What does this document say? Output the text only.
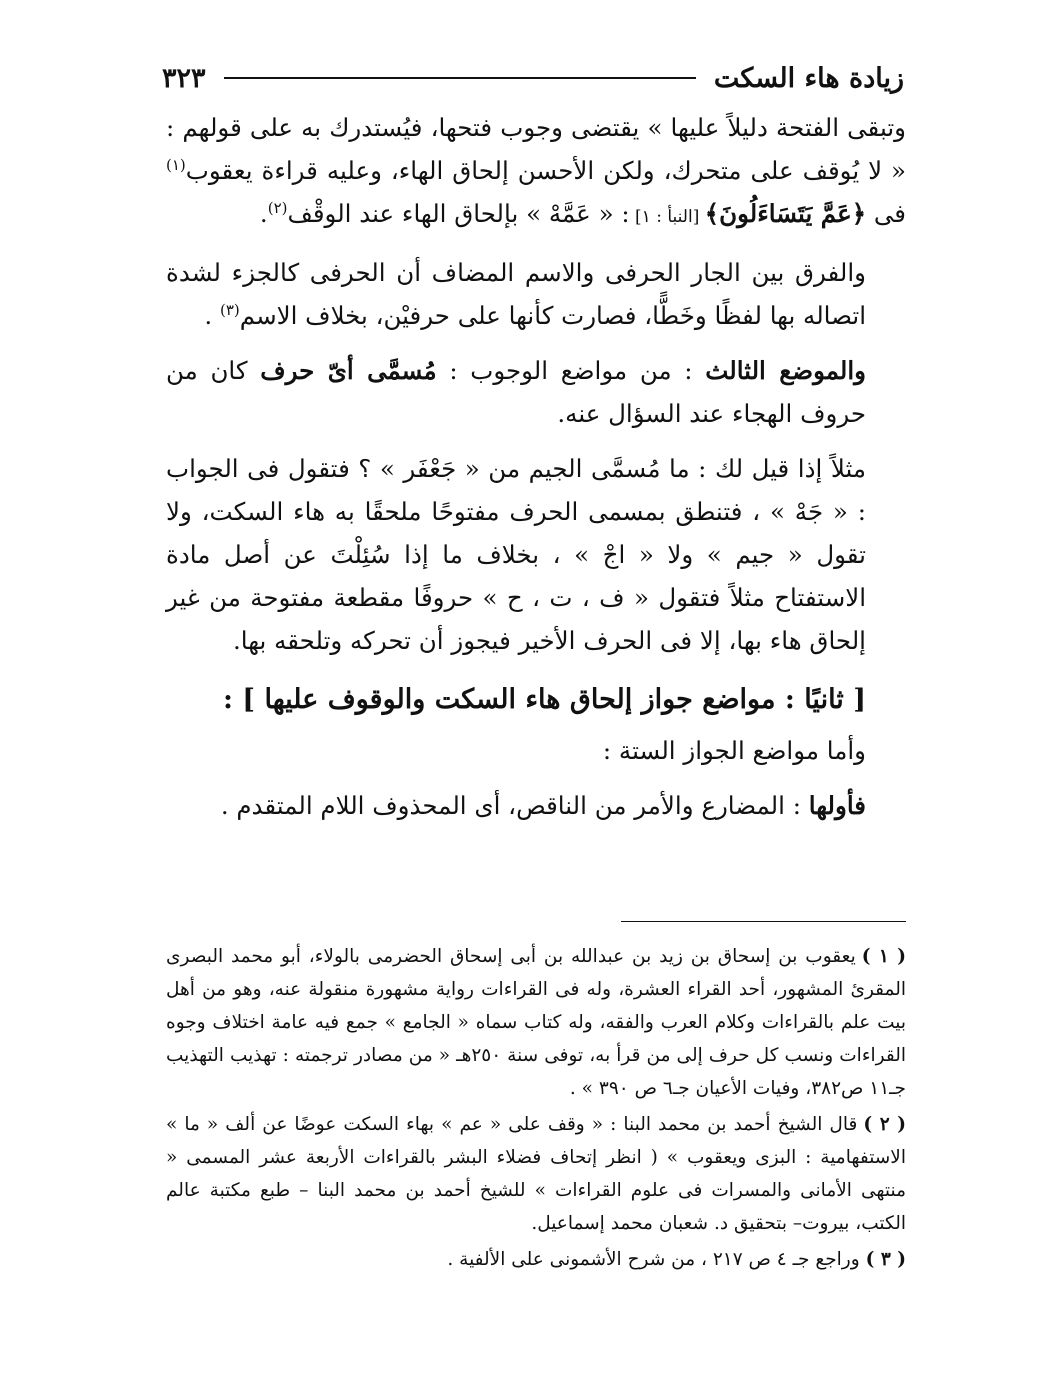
زيادة هاء السكت
٣٢٣

وتبقى الفتحة دليلاً عليها » يقتضى وجوب فتحها، فيُستدرك به على قولهم : « لا يُوقف على متحرك، ولكن الأحسن إلحاق الهاء، وعليه قراءة يعقوب$^{(١)}$ فى ﴿عَمَّ يَتَسَاءَلُونَ﴾ [النبأ : ١] : « عَمَّهْ » بإلحاق الهاء عند الوقْف$^{(٢)}$.

والفرق بين الجار الحرفى والاسم المضاف أن الحرفى كالجزء لشدة اتصاله بها لفظًا وخَطًّا، فصارت كأنها على حرفيْن، بخلاف الاسم$^{(٣)}$ .

والموضع الثالث : من مواضع الوجوب : مُسمَّى أىّ حرف كان من حروف الهجاء عند السؤال عنه.

مثلاً إذا قيل لك : ما مُسمَّى الجيم من « جَعْفَر » ؟ فتقول فى الجواب : « جَهْ » ، فتنطق بمسمى الحرف مفتوحًا ملحقًا به هاء السكت، ولا تقول « جيم » ولا « اجْ » ، بخلاف ما إذا سُئِلْتَ عن أصل مادة الاستفتاح مثلاً فتقول « ف ، ت ، ح » حروفًا مقطعة مفتوحة من غير إلحاق هاء بها، إلا فى الحرف الأخير فيجوز أن تحركه وتلحقه بها.

[ ثانيًا : مواضع جواز إلحاق هاء السكت والوقوف عليها ] :

وأما مواضع الجواز الستة :

فأولها : المضارع والأمر من الناقص، أى المحذوف اللام المتقدم .

( ١ )يعقوب بن إسحاق بن زيد بن عبدالله بن أبى إسحاق الحضرمى بالولاء، أبو محمد البصرى المقرئ المشهور، أحد القراء العشرة، وله فى القراءات رواية مشهورة منقولة عنه، وهو من أهل بيت علم بالقراءات وكلام العرب والفقه، وله كتاب سماه « الجامع » جمع فيه عامة اختلاف وجوه القراءات ونسب كل حرف إلى من قرأ به، توفى سنة ٢٥٠هـ « من مصادر ترجمته : تهذيب التهذيب جـ١١ ص٣٨٢، وفيات الأعيان جـ٦ ص ٣٩٠ » .

( ٢ )قال الشيخ أحمد بن محمد البنا : « وقف على « عم » بهاء السكت عوضًا عن ألف « ما » الاستفهامية : البزى ويعقوب » ( انظر إتحاف فضلاء البشر بالقراءات الأربعة عشر المسمى « منتهى الأمانى والمسرات فى علوم القراءات » للشيخ أحمد بن محمد البنا – طبع مكتبة عالم الكتب، بيروت– بتحقيق د. شعبان محمد إسماعيل.

( ٣ )وراجع جـ ٤ ص ٢١٧ ، من شرح الأشمونى على الألفية .
